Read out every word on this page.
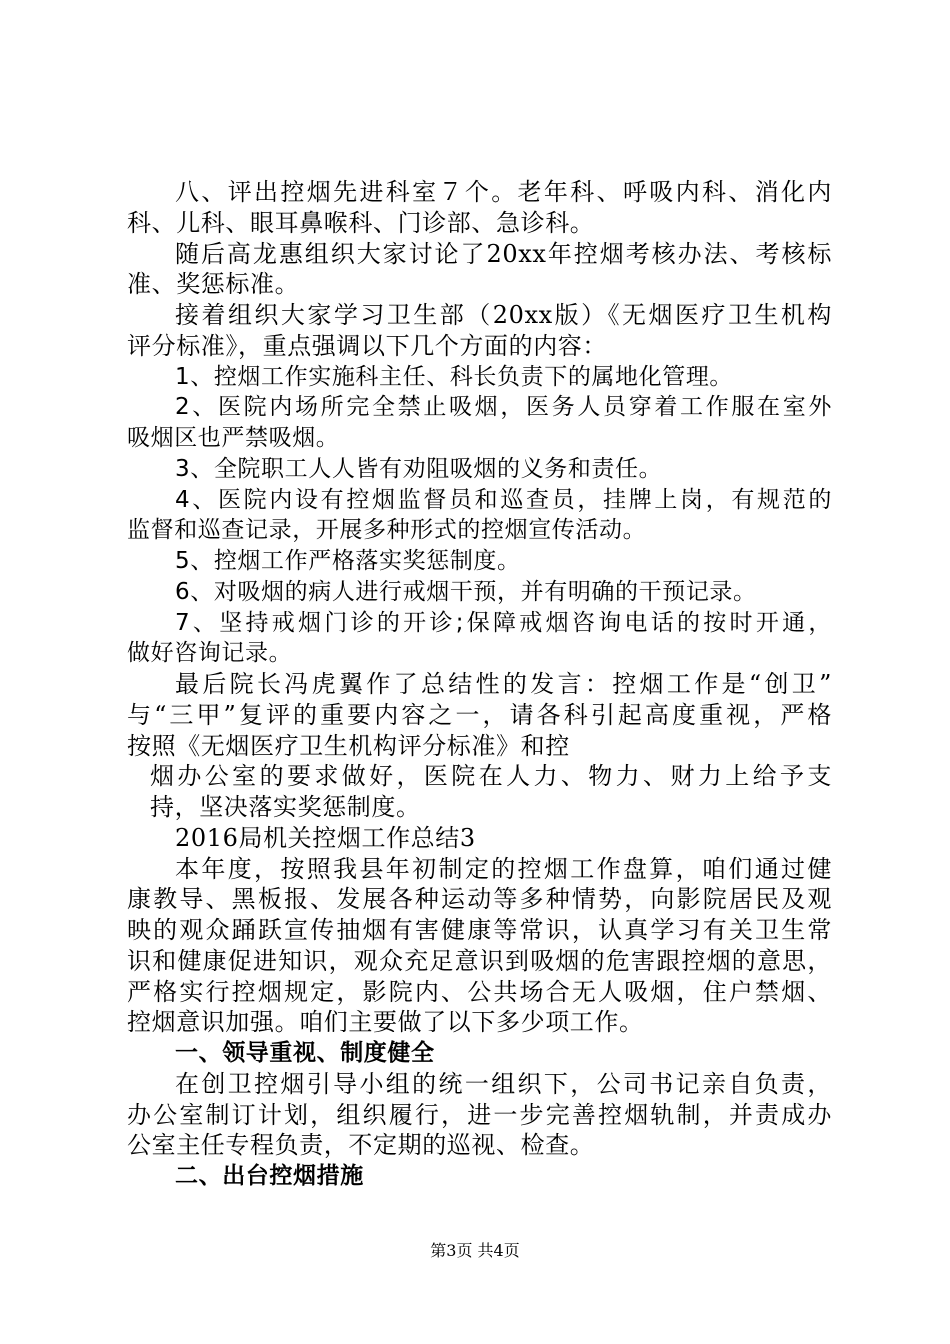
八、评出控烟先进科室７个。老年科、呼吸内科、消化内
科、儿科、眼耳鼻喉科、门诊部、急诊科。
随后高龙惠组织大家讨论了20xx年控烟考核办法、考核标
准、奖惩标准。
接着组织大家学习卫生部（20xx版）《无烟医疗卫生机构
评分标准》，重点强调以下几个方面的内容：
1、控烟工作实施科主任、科长负责下的属地化管理。
2、医院内场所完全禁止吸烟，医务人员穿着工作服在室外
吸烟区也严禁吸烟。
3、全院职工人人皆有劝阻吸烟的义务和责任。
4、医院内设有控烟监督员和巡查员，挂牌上岗，有规范的
监督和巡查记录，开展多种形式的控烟宣传活动。
5、控烟工作严格落实奖惩制度。
6、对吸烟的病人进行戒烟干预，并有明确的干预记录。
7、坚持戒烟门诊的开诊;保障戒烟咨询电话的按时开通，
做好咨询记录。
最后院长冯虎翼作了总结性的发言：控烟工作是“创卫”
与“三甲”复评的重要内容之一，请各科引起高度重视，严格
按照《无烟医疗卫生机构评分标准》和控
烟办公室的要求做好，医院在人力、物力、财力上给予支
持，坚决落实奖惩制度。
2016局机关控烟工作总结3
本年度，按照我县年初制定的控烟工作盘算，咱们通过健
康教导、黑板报、发展各种运动等多种情势，向影院居民及观
映的观众踊跃宣传抽烟有害健康等常识，认真学习有关卫生常
识和健康促进知识，观众充足意识到吸烟的危害跟控烟的意思，
严格实行控烟规定，影院内、公共场合无人吸烟，住户禁烟、
控烟意识加强。咱们主要做了以下多少项工作。
一、领导重视、制度健全
在创卫控烟引导小组的统一组织下，公司书记亲自负责，
办公室制订计划，组织履行，进一步完善控烟轨制，并责成办
公室主任专程负责，不定期的巡视、检查。
二、出台控烟措施
第3页 共4页
